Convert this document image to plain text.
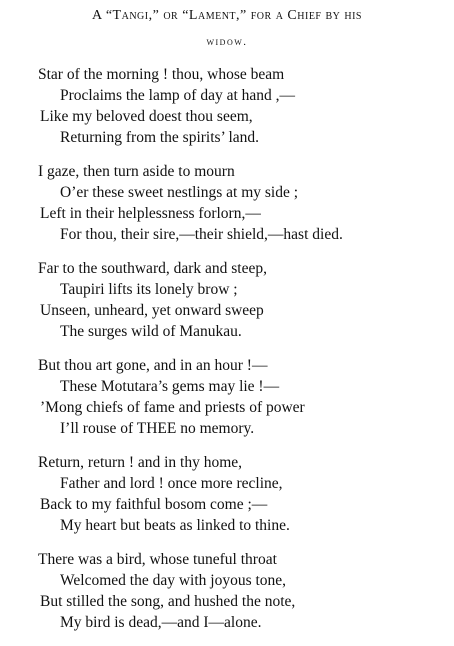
A “Tangi,” or “Lament,” for a Chief by his
widow.
Star of the morning ! thou, whose beam
Proclaims the lamp of day at hand ,—
Like my beloved doest thou seem,
Returning from the spirits’ land.
I gaze, then turn aside to mourn
O’er these sweet nestlings at my side ;
Left in their helplessness forlorn,—
For thou, their sire,—their shield,—hast died.
Far to the southward, dark and steep,
Taupiri lifts its lonely brow ;
Unseen, unheard, yet onward sweep
The surges wild of Manukau.
But thou art gone, and in an hour !—
These Motutara’s gems may lie !—
’Mong chiefs of fame and priests of power
I’ll rouse of THEE no memory.
Return, return ! and in thy home,
Father and lord ! once more recline,
Back to my faithful bosom come ;—
My heart but beats as linked to thine.
There was a bird, whose tuneful throat
Welcomed the day with joyous tone,
But stilled the song, and hushed the note,
My bird is dead,—and I—alone.
